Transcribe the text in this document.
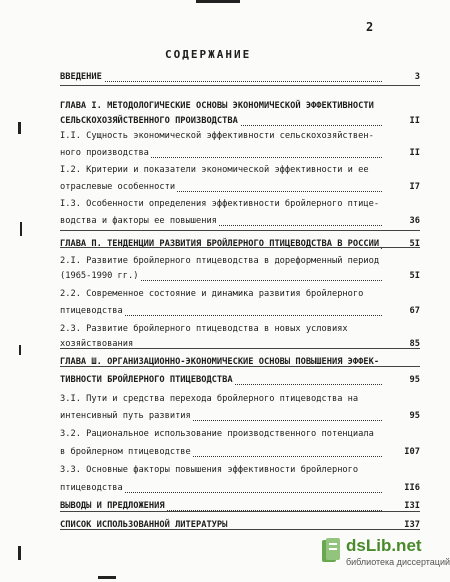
2
СОДЕРЖАНИЕ
ВВЕДЕНИЕ	3
ГЛАВА I. МЕТОДОЛОГИЧЕСКИЕ ОСНОВЫ ЭКОНОМИЧЕСКОЙ ЭФФЕКТИВНОСТИ
СЕЛЬСКОХОЗЯЙСТВЕННОГО ПРОИЗВОДСТВА	II
I.I. Сущность экономической эффективности сельскохозяйствен-
ного производства	II
I.2. Критерии и показатели экономической эффективности и ее
отраслевые особенности	I7
I.3. Особенности определения эффективности бройлерного птице-
водства и факторы ее повышения	36
ГЛАВА П. ТЕНДЕНЦИИ РАЗВИТИЯ БРОЙЛЕРНОГО ПТИЦЕВОДСТВА В РОССИИ	5I
2.I. Развитие бройлерного птицеводства в дореформенный период
(1965-1990 гг.)	5I
2.2. Современное состояние и динамика развития бройлерного
птицеводства	67
2.3. Развитие бройлерного птицеводства в новых условиях
хозяйствования	85
ГЛАВА Ш. ОРГАНИЗАЦИОННО-ЭКОНОМИЧЕСКИЕ ОСНОВЫ ПОВЫШЕНИЯ ЭФФЕК-
ТИВНОСТИ БРОЙЛЕРНОГО ПТИЦЕВОДСТВА	95
3.I. Пути и средства перехода бройлерного птицеводства на
интенсивный путь развития	95
3.2. Рациональное использование производственного потенциала
в бройлерном птицеводстве	I07
3.3. Основные факторы повышения эффективности бройлерного
птицеводства	II6
ВЫВОДЫ И ПРЕДЛОЖЕНИЯ	I3I
СПИСОК ИСПОЛЬЗОВАННОЙ ЛИТЕРАТУРЫ	I37
dsLib.net
библиотека диссертаций
